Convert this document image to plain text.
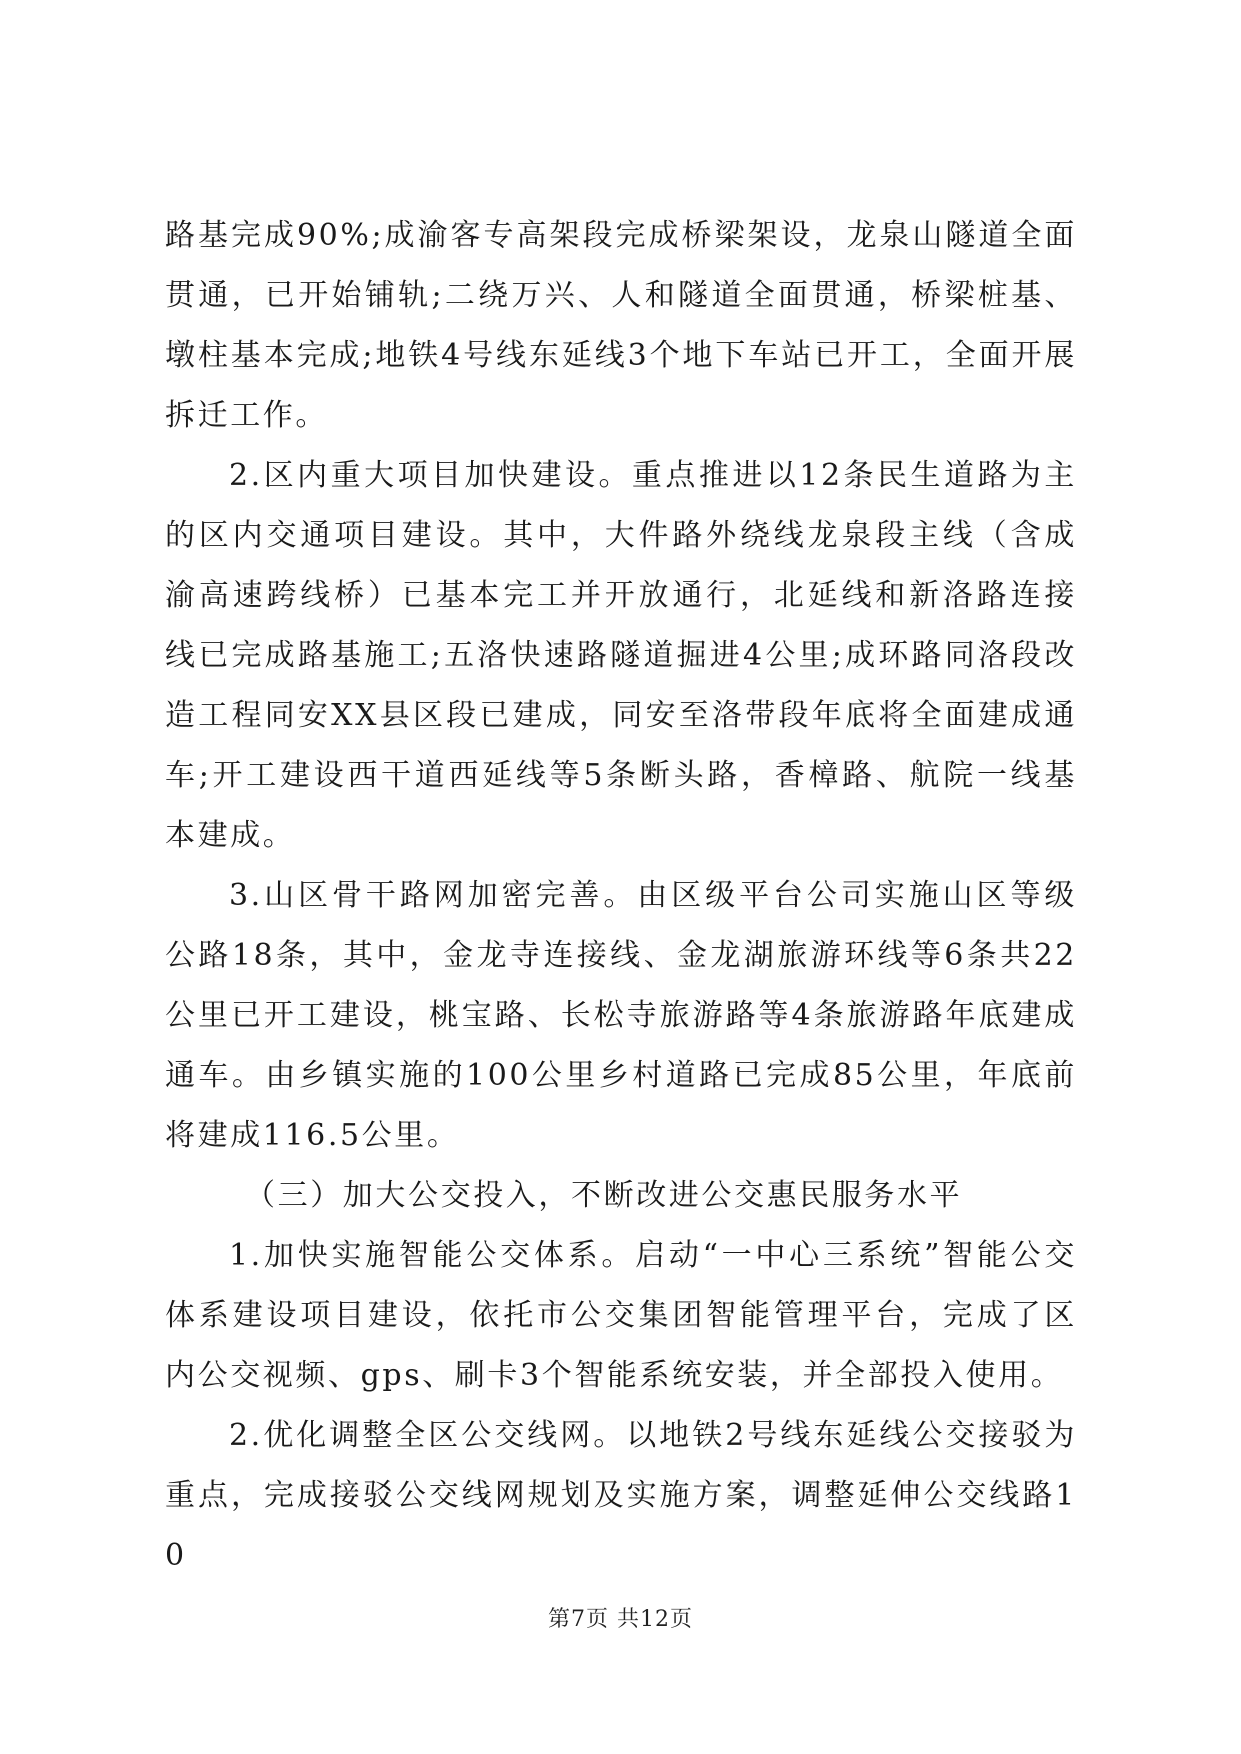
路基完成90%;成渝客专高架段完成桥梁架设，龙泉山隧道全面贯通，已开始铺轨;二绕万兴、人和隧道全面贯通，桥梁桩基、墩柱基本完成;地铁4号线东延线3个地下车站已开工，全面开展拆迁工作。

2.区内重大项目加快建设。重点推进以12条民生道路为主的区内交通项目建设。其中，大件路外绕线龙泉段主线（含成渝高速跨线桥）已基本完工并开放通行，北延线和新洛路连接线已完成路基施工;五洛快速路隧道掘进4公里;成环路同洛段改造工程同安XX县区段已建成，同安至洛带段年底将全面建成通车;开工建设西干道西延线等5条断头路，香樟路、航院一线基本建成。

3.山区骨干路网加密完善。由区级平台公司实施山区等级公路18条，其中，金龙寺连接线、金龙湖旅游环线等6条共22公里已开工建设，桃宝路、长松寺旅游路等4条旅游路年底建成通车。由乡镇实施的100公里乡村道路已完成85公里，年底前将建成116.5公里。

（三）加大公交投入，不断改进公交惠民服务水平

1.加快实施智能公交体系。启动“一中心三系统”智能公交体系建设项目建设，依托市公交集团智能管理平台，完成了区内公交视频、gps、刷卡3个智能系统安装，并全部投入使用。

2.优化调整全区公交线网。以地铁2号线东延线公交接驳为重点，完成接驳公交线网规划及实施方案，调整延伸公交线路10

第7页 共12页
